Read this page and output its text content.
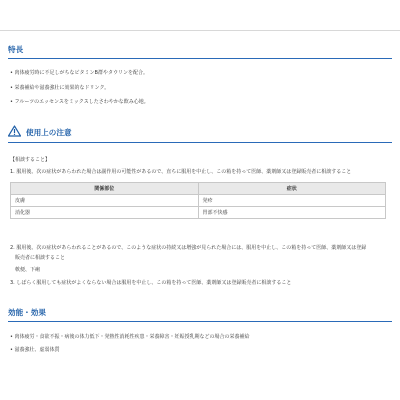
特長
• 肉体疲労時に不足しがちなビタミンB群やタウリンを配合。
• 栄養補給や滋養強壮に効果的なドリンク。
• フルーツのエッセンスをミックスしたさわやかな飲み心地。
使用上の注意
【相談すること】
1. 服用後、次の症状があらわれた場合は副作用の可能性があるので、直ちに服用を中止し、この箱を持って医師、薬剤師又は登録販売者に相談すること
関係部位	症状
皮膚	発疹
消化器	胃部不快感
2. 服用後、次の症状があらわれることがあるので、このような症状の持続又は増強が見られた場合には、服用を中止し、この箱を持って医師、薬剤師又は登録
販売者に相談すること
軟便、下痢
3. しばらく服用しても症状がよくならない場合は服用を中止し、この箱を持って医師、薬剤師又は登録販売者に相談すること
効能・効果
• 肉体疲労・食欲不振・病後の体力低下・発熱性消耗性疾患・栄養障害・妊娠授乳期などの場合の栄養補給
• 滋養強壮、虚弱体質
